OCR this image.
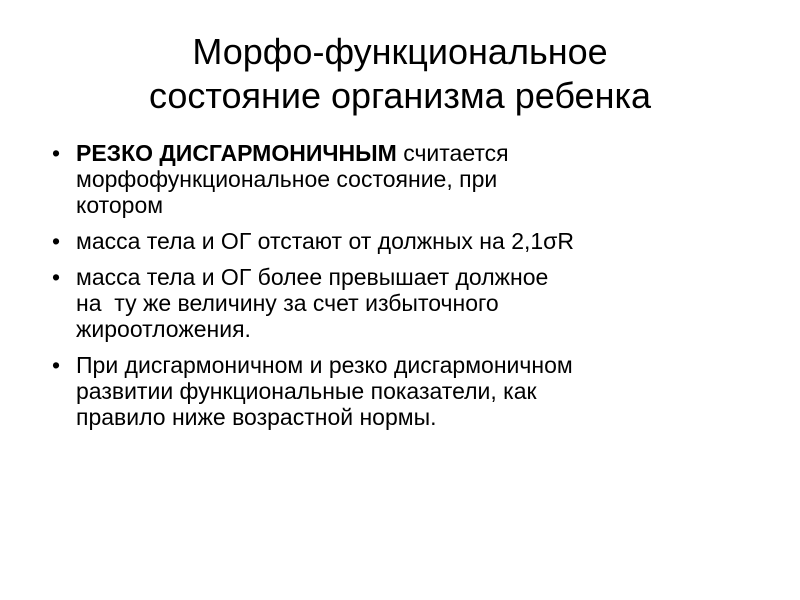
Морфо-функциональное
состояние организма ребенка
• РЕЗКО ДИСГАРМОНИЧНЫМ считается
морфофункциональное состояние, при
котором
• масса тела и ОГ отстают от должных на 2,1σR
• масса тела и ОГ более превышает должное
на  ту же величину за счет избыточного
жироотложения.
• При дисгармоничном и резко дисгармоничном
развитии функциональные показатели, как
правило ниже возрастной нормы.
